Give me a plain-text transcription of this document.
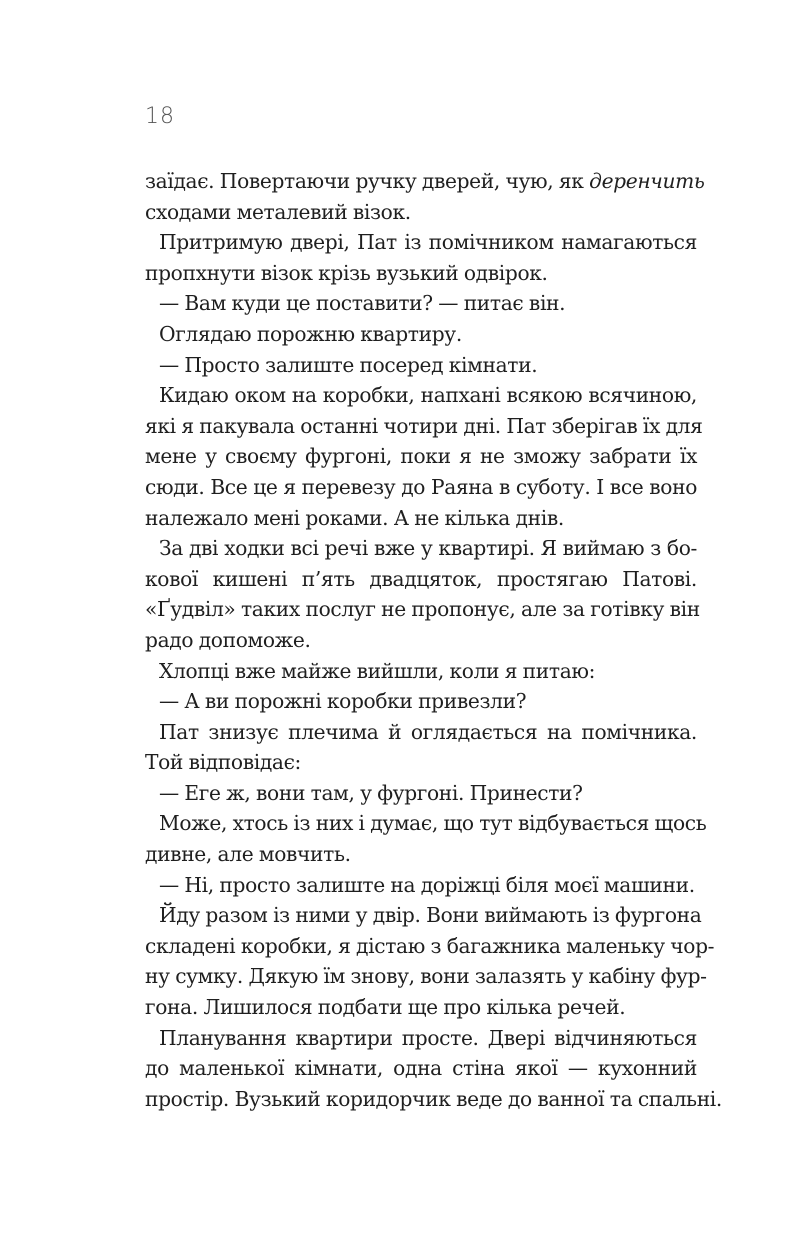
18
заїдає. Повертаючи ручку дверей, чую, як деренчить
сходами металевий візок.
Притримую двері, Пат із помічником намагаються
пропхнути візок крізь вузький одвірок.
— Вам куди це поставити? — питає він.
Оглядаю порожню квартиру.
— Просто залиште посеред кімнати.
Кидаю оком на коробки, напхані всякою всячиною,
які я пакувала останні чотири дні. Пат зберігав їх для
мене у своєму фургоні, поки я не зможу забрати їх
сюди. Все це я перевезу до Раяна в суботу. І все воно
належало мені роками. А не кілька днів.
За дві ходки всі речі вже у квартирі. Я виймаю з бо-
кової кишені п’ять двадцяток, простягаю Патові.
«Ґудвіл» таких послуг не пропонує, але за готівку він
радо допоможе.
Хлопці вже майже вийшли, коли я питаю:
— А ви порожні коробки привезли?
Пат знизує плечима й оглядається на помічника.
Той відповідає:
— Еге ж, вони там, у фургоні. Принести?
Може, хтось із них і думає, що тут відбувається щось
дивне, але мовчить.
— Ні, просто залиште на доріжці біля моєї машини.
Йду разом із ними у двір. Вони виймають із фургона
складені коробки, я дістаю з багажника маленьку чор-
ну сумку. Дякую їм знову, вони залазять у кабіну фур-
гона. Лишилося подбати ще про кілька речей.
Планування квартири просте. Двері відчиняються
до маленької кімнати, одна стіна якої — кухонний
простір. Вузький коридорчик веде до ванної та спальні.
